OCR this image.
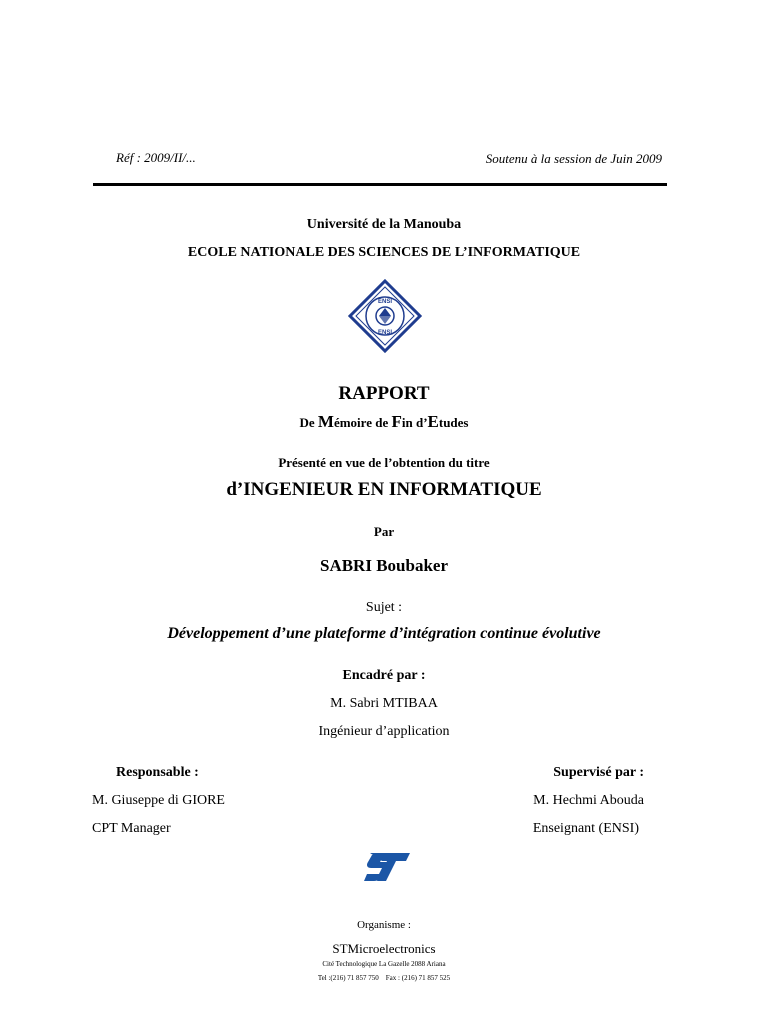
Réf : 2009/II/...	Soutenu à la session de Juin 2009
Université de la Manouba
ECOLE NATIONALE DES SCIENCES DE L’INFORMATIQUE
ENSI
ENSI
RAPPORT
De Mémoire de Fin d’Etudes
Présenté en vue de l’obtention du titre
d’INGENIEUR EN INFORMATIQUE
Par
SABRI Boubaker
Sujet :
Développement d’une plateforme d’intégration continue évolutive
Encadré par :
M. Sabri MTIBAA
Ingénieur d’application
Responsable :
M. Giuseppe di GIORE
CPT Manager
Supervisé par :
M. Hechmi Abouda
Enseignant (ENSI)
Organisme :
STMicroelectronics
Cité Technologique La Gazelle 2088 Ariana
Tel :(216) 71 857 750    Fax : (216) 71 857 525
